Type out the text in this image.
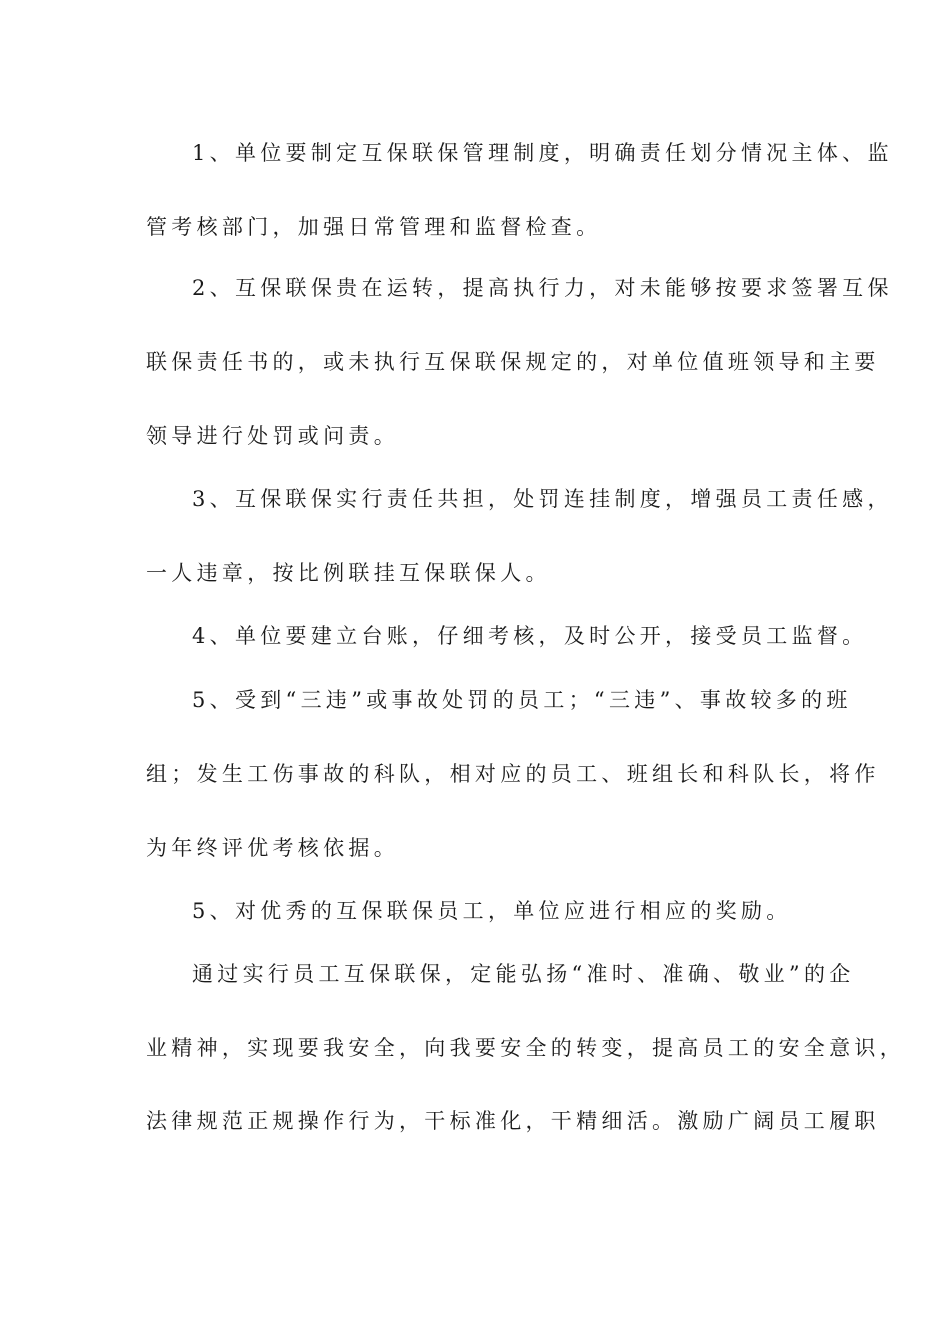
1、单位要制定互保联保管理制度，明确责任划分情况主体、监
管考核部门，加强日常管理和监督检查。
2、互保联保贵在运转，提高执行力，对未能够按要求签署互保
联保责任书的，或未执行互保联保规定的，对单位值班领导和主要
领导进行处罚或问责。
3、互保联保实行责任共担，处罚连挂制度，增强员工责任感，
一人违章，按比例联挂互保联保人。
4、单位要建立台账，仔细考核，及时公开，接受员工监督。
5、受到“三违”或事故处罚的员工；“三违”、事故较多的班
组；发生工伤事故的科队，相对应的员工、班组长和科队长，将作
为年终评优考核依据。
5、对优秀的互保联保员工，单位应进行相应的奖励。
通过实行员工互保联保，定能弘扬“准时、准确、敬业”的企
业精神，实现要我安全，向我要安全的转变，提高员工的安全意识，
法律规范正规操作行为，干标准化，干精细活。激励广阔员工履职
